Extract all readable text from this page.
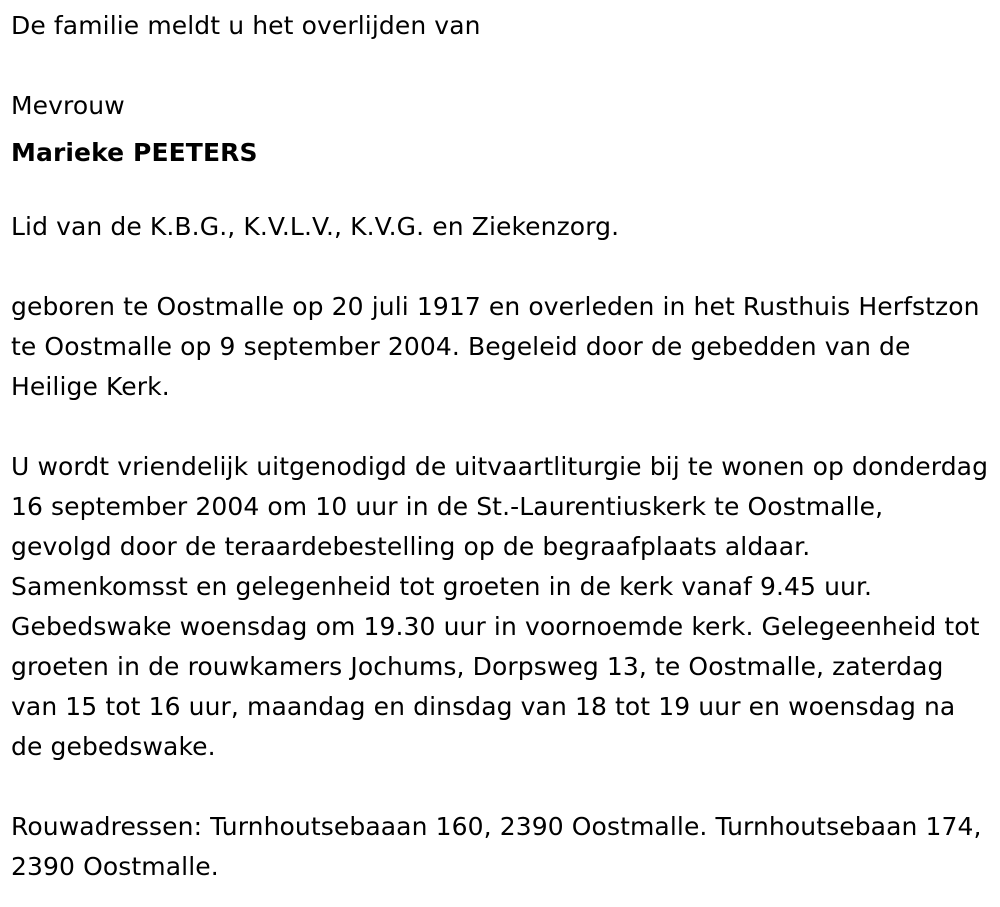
De familie meldt u het overlijden van

Mevrouw

Marieke PEETERS

Lid van de K.B.G., K.V.L.V., K.V.G. en Ziekenzorg.

geboren te Oostmalle op 20 juli 1917 en overleden in het Rusthuis Herfstzon te Oostmalle op 9 september 2004. Begeleid door de gebedden van de Heilige Kerk.

U wordt vriendelijk uitgenodigd de uitvaartliturgie bij te wonen op donderdag 16 september 2004 om 10 uur in de St.-Laurentiuskerk te Oostmalle, gevolgd door de teraardebestelling op de begraafplaats aldaar. Samenkomsst en gelegenheid tot groeten in de kerk vanaf 9.45 uur. Gebedswake woensdag om 19.30 uur in voornoemde kerk. Gelegeenheid tot groeten in de rouwkamers Jochums, Dorpsweg 13, te Oostmalle, zaterdag van 15 tot 16 uur, maandag en dinsdag van 18 tot 19 uur en woensdag na de gebedswake.

Rouwadressen: Turnhoutsebaaan 160, 2390 Oostmalle. Turnhoutsebaan 174, 2390 Oostmalle.
